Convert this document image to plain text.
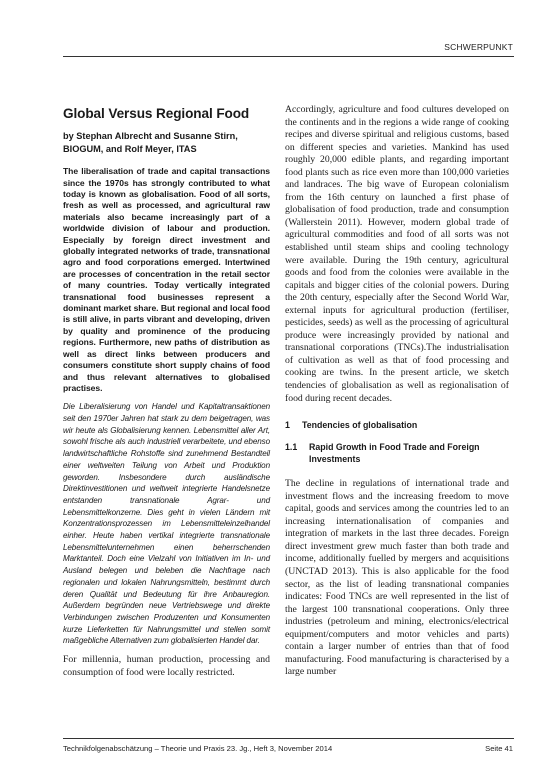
SCHWERPUNKT
Global Versus Regional Food

by Stephan Albrecht and Susanne Stirn, BIOGUM, and Rolf Meyer, ITAS

The liberalisation of trade and capital transactions since the 1970s has strongly contributed to what today is known as globalisation. Food of all sorts, fresh as well as processed, and agricultural raw materials also became increasingly part of a worldwide division of labour and production. Especially by foreign direct investment and globally integrated networks of trade, transnational agro and food corporations emerged. Intertwined are processes of concentration in the retail sector of many countries. Today vertically integrated transnational food businesses represent a dominant market share. But regional and local food is still alive, in parts vibrant and developing, driven by quality and prominence of the producing regions. Furthermore, new paths of distribution as well as direct links between producers and consumers constitute short supply chains of food and thus relevant alternatives to globalised practises.

Die Liberalisierung von Handel und Kapitaltransaktionen seit den 1970er Jahren hat stark zu dem beigetragen, was wir heute als Globalisierung kennen. Lebensmittel aller Art, sowohl frische als auch industriell verarbeitete, und ebenso landwirtschaftliche Rohstoffe sind zunehmend Bestandteil einer weltweiten Teilung von Arbeit und Produktion geworden. Insbesondere durch ausländische Direktinvestitionen und weltweit integrierte Handelsnetze entstanden transnationale Agrar- und Lebensmittelkonzerne. Dies geht in vielen Ländern mit Konzentrationsprozessen im Lebensmitteleinzelhandel einher. Heute haben vertikal integrierte transnationale Lebensmittelunternehmen einen beherrschenden Marktanteil. Doch eine Vielzahl von Initiativen im In- und Ausland belegen und beleben die Nachfrage nach regionalen und lokalen Nahrungsmitteln, bestimmt durch deren Qualität und Bedeutung für ihre Anbauregion. Außerdem begründen neue Vertriebswege und direkte Verbindungen zwischen Produzenten und Konsumenten kurze Lieferketten für Nahrungsmittel und stellen somit maßgebliche Alternativen zum globalisierten Handel dar.

For millennia, human production, processing and consumption of food were locally restricted.

Accordingly, agriculture and food cultures developed on the continents and in the regions a wide range of cooking recipes and diverse spiritual and religious customs, based on different species and varieties. Mankind has used roughly 20,000 edible plants, and regarding important food plants such as rice even more than 100,000 varieties and landraces. The big wave of European colonialism from the 16th century on launched a first phase of globalisation of food production, trade and consumption (Wallerstein 2011). However, modern global trade of agricultural commodities and food of all sorts was not established until steam ships and cooling technology were available. During the 19th century, agricultural goods and food from the colonies were available in the capitals and bigger cities of the colonial powers. During the 20th century, especially after the Second World War, external inputs for agricultural production (fertiliser, pesticides, seeds) as well as the processing of agricultural produce were increasingly provided by national and transnational corporations (TNCs).The industrialisation of cultivation as well as that of food processing and cooking are twins. In the present article, we sketch tendencies of globalisation as well as regionalisation of food during recent decades.

1	Tendencies of globalisation
1.1	Rapid Growth in Food Trade and Foreign Investments

The decline in regulations of international trade and investment flows and the increasing freedom to move capital, goods and services among the countries led to an increasing internationalisation of companies and integration of markets in the last three decades. Foreign direct investment grew much faster than both trade and income, additionally fuelled by mergers and acquisitions (UNCTAD 2013). This is also applicable for the food sector, as the list of leading transnational companies indicates: Food TNCs are well represented in the list of the largest 100 transnational cooperations. Only three industries (petroleum and mining, electronics/electrical equipment/computers and motor vehicles and parts) contain a larger number of entries than that of food manufacturing. Food manufacturing is characterised by a large number

Technikfolgenabschätzung – Theorie und Praxis 23. Jg., Heft 3, November 2014	Seite 41
